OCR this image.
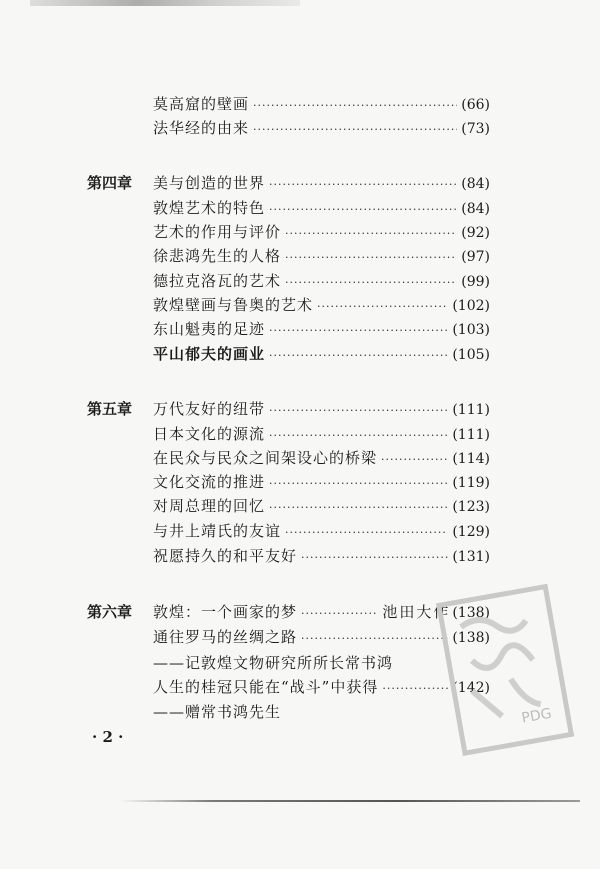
莫高窟的壁画 ·····	(66)
法华经的由来 ·····	(73)
第四章 美与创造的世界 ·····	(84)
敦煌艺术的特色 ·····	(84)
艺术的作用与评价 ·····	(92)
徐悲鸿先生的人格 ·····	(97)
德拉克洛瓦的艺术 ·····	(99)
敦煌壁画与鲁奥的艺术 ·····	(102)
东山魁夷的足迹 ·····	(103)
平山郁夫的画业 ·····	(105)
第五章 万代友好的纽带 ·····	(111)
日本文化的源流 ·····	(111)
在民众与民众之间架设心的桥梁 ·····	(114)
文化交流的推进 ·····	(119)
对周总理的回忆 ·····	(123)
与井上靖氏的友谊 ·····	(129)
祝愿持久的和平友好 ·····	(131)
第六章 敦煌：一个画家的梦 ·····	池田大作 (138)
通往罗马的丝绸之路 ·····	(138)
——记敦煌文物研究所所长常书鸿
人生的桂冠只能在“战斗”中获得 ·····	(142)
——赠常书鸿先生
· 2 ·
PDG
